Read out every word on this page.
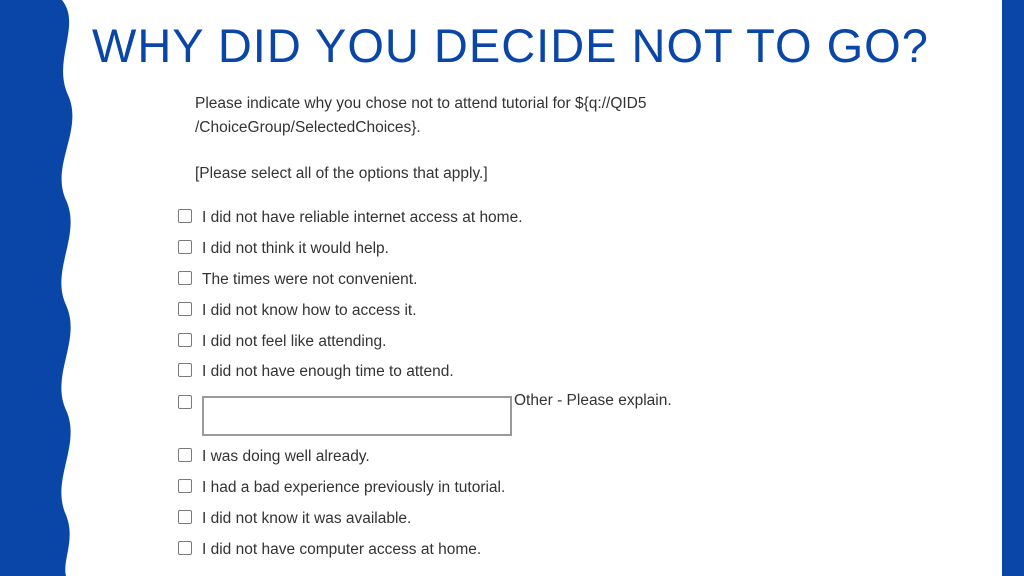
WHY DID YOU DECIDE NOT TO GO?

Please indicate why you chose not to attend tutorial for ${q://QID5

/ChoiceGroup/SelectedChoices}.

[Please select all of the options that apply.]
I did not have reliable internet access at home.
I did not think it would help.
The times were not convenient.
I did not know how to access it.
I did not feel like attending.
I did not have enough time to attend.
Other - Please explain.
I was doing well already.
I had a bad experience previously in tutorial.
I did not know it was available.
I did not have computer access at home.
